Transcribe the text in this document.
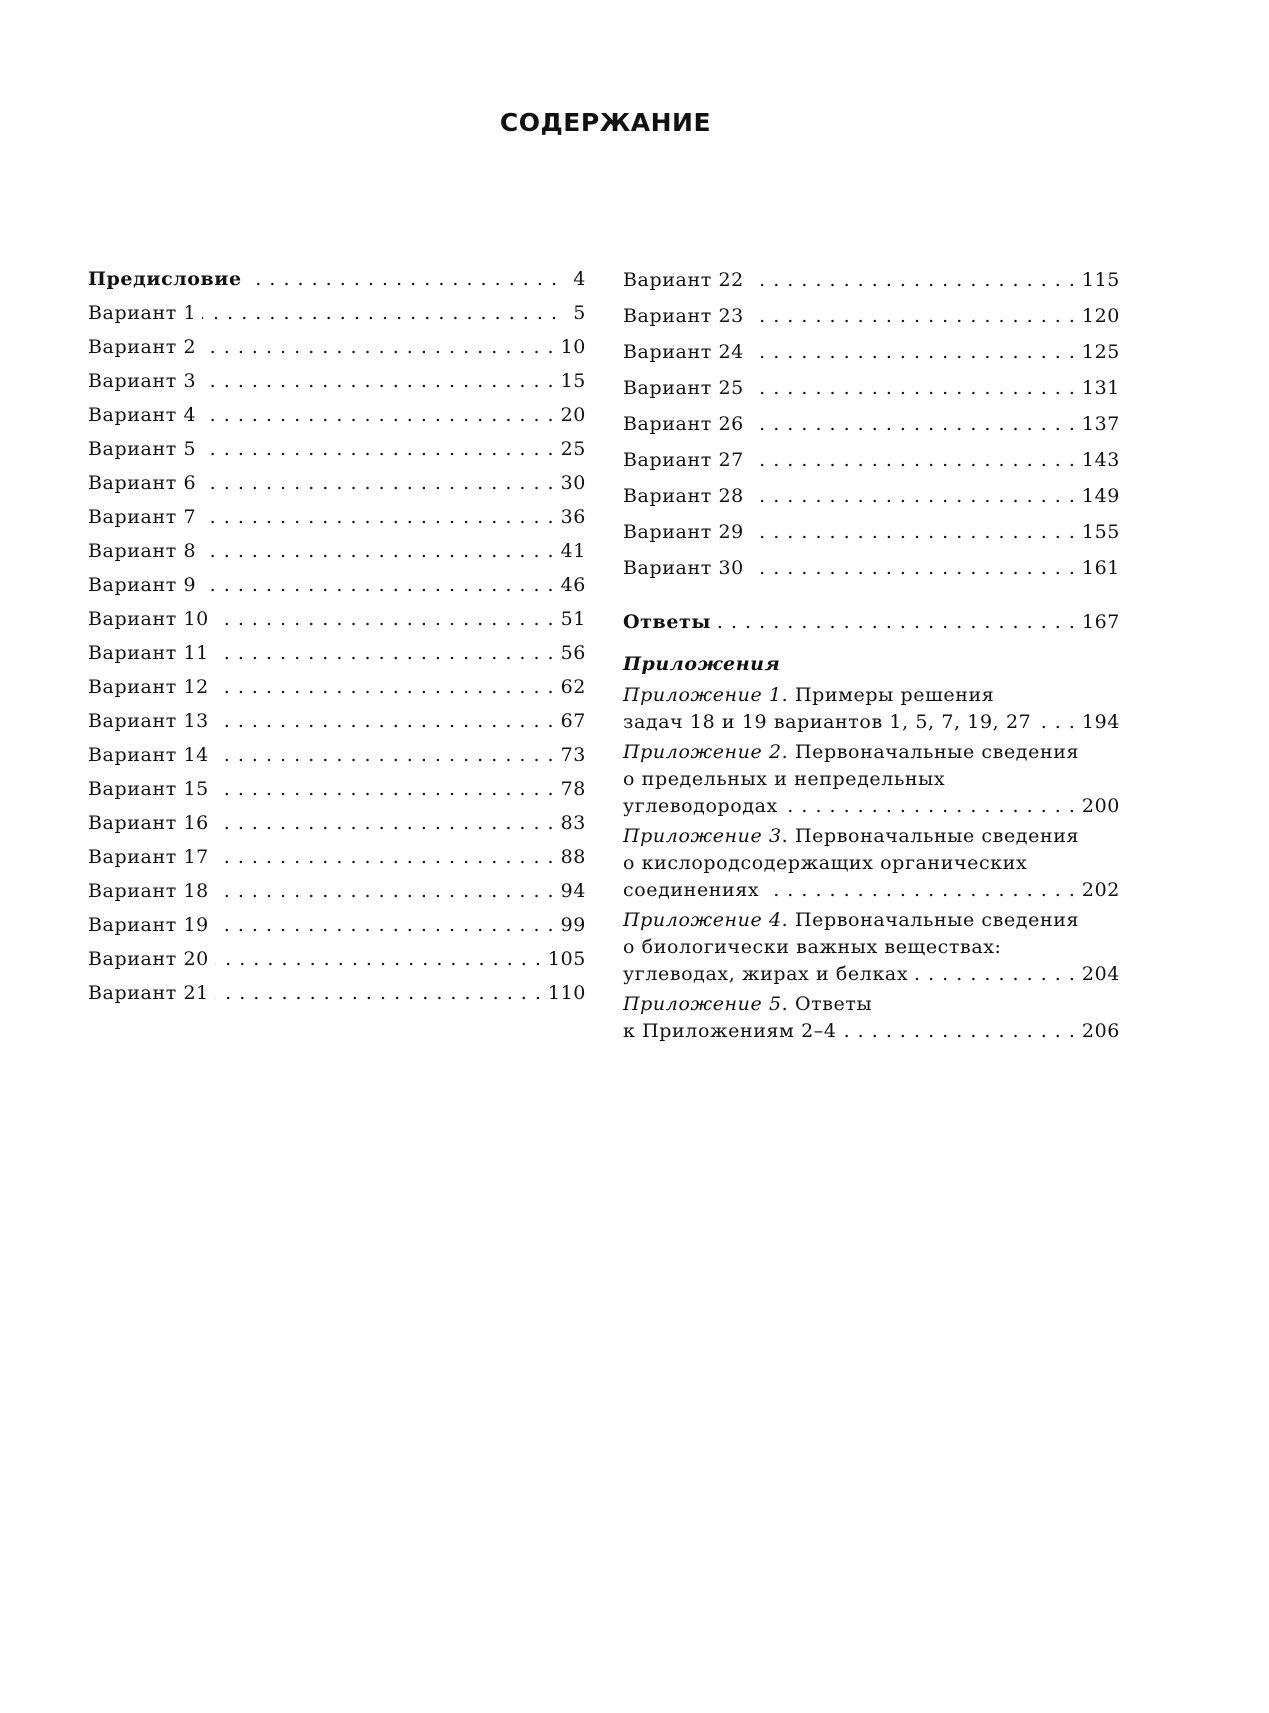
СОДЕРЖАНИЕ
Предисловие . . .	4
Вариант 1 . . .	5
Вариант 2 . . .	10
Вариант 3 . . .	15
Вариант 4 . . .	20
Вариант 5 . . .	25
Вариант 6 . . .	30
Вариант 7 . . .	36
Вариант 8 . . .	41
Вариант 9 . . .	46
Вариант 10 . . .	51
Вариант 11 . . .	56
Вариант 12 . . .	62
Вариант 13 . . .	67
Вариант 14 . . .	73
Вариант 15 . . .	78
Вариант 16 . . .	83
Вариант 17 . . .	88
Вариант 18 . . .	94
Вариант 19 . . .	99
Вариант 20 . . .	105
Вариант 21 . . .	110
Вариант 22 . . .	115
Вариант 23 . . .	120
Вариант 24 . . .	125
Вариант 25 . . .	131
Вариант 26 . . .	137
Вариант 27 . . .	143
Вариант 28 . . .	149
Вариант 29 . . .	155
Вариант 30 . . .	161
Ответы . . .	167
Приложения
Приложение 1. Примеры решения
задач 18 и 19 вариантов 1, 5, 7, 19, 27 . . .	194
Приложение 2. Первоначальные сведения
о предельных и непредельных
углеводородах . . .	200
Приложение 3. Первоначальные сведения
о кислородсодержащих органических
соединениях . . .	202
Приложение 4. Первоначальные сведения
о биологически важных веществах:
углеводах, жирах и белках . . .	204
Приложение 5. Ответы
к Приложениям 2–4 . . .	206
